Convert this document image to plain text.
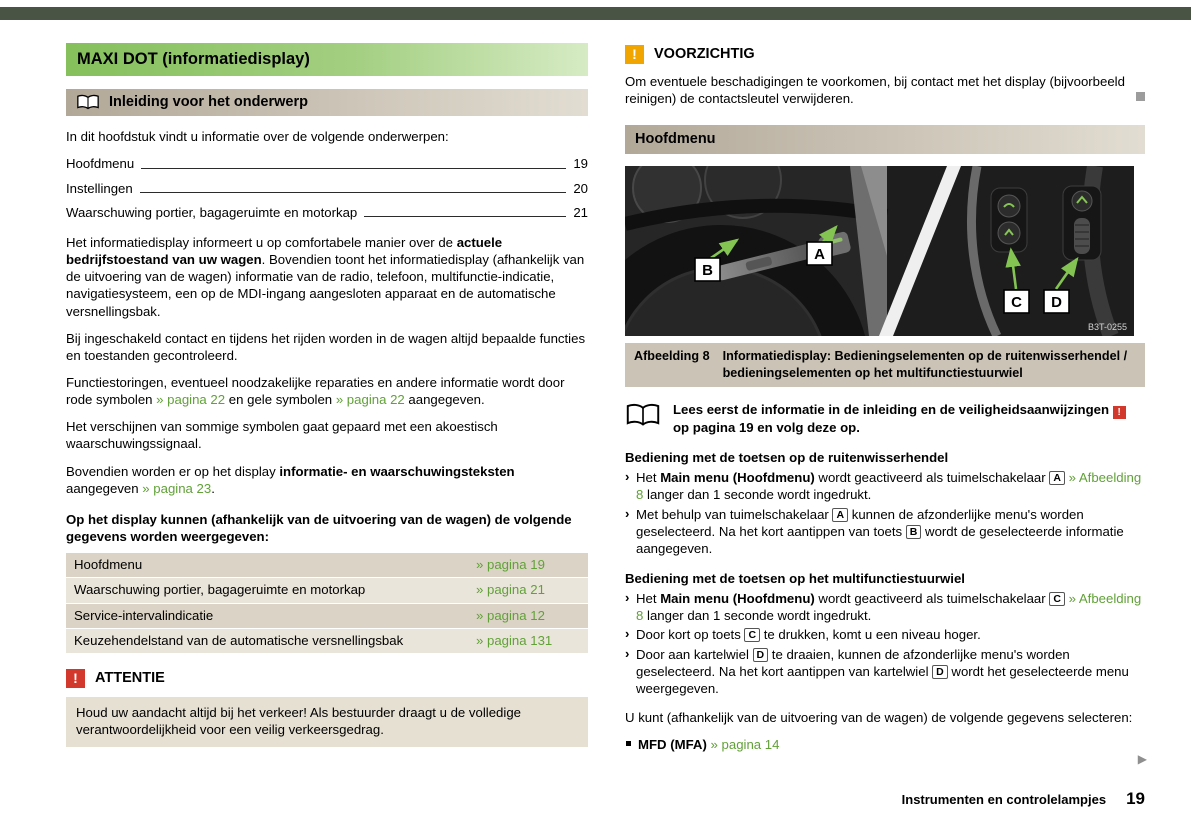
MAXI DOT (informatiedisplay)
Inleiding voor het onderwerp

In dit hoofdstuk vindt u informatie over de volgende onderwerpen:

Hoofdmenu	19
Instellingen	20
Waarschuwing portier, bagageruimte en motorkap	21

Het informatiedisplay informeert u op comfortabele manier over de actuele bedrijfstoestand van uw wagen. Bovendien toont het informatiedisplay (afhankelijk van de uitvoering van de wagen) informatie van de radio, telefoon, multifunctie-indicatie, navigatiesysteem, een op de MDI-ingang aangesloten apparaat en de automatische versnellingsbak.

Bij ingeschakeld contact en tijdens het rijden worden in de wagen altijd bepaalde functies en toestanden gecontroleerd.

Functiestoringen, eventueel noodzakelijke reparaties en andere informatie wordt door rode symbolen » pagina 22 en gele symbolen » pagina 22 aangegeven.

Het verschijnen van sommige symbolen gaat gepaard met een akoestisch waarschuwingssignaal.

Bovendien worden er op het display informatie- en waarschuwingsteksten aangegeven » pagina 23.

Op het display kunnen (afhankelijk van de uitvoering van de wagen) de volgende gegevens worden weergegeven:

Hoofdmenu	» pagina 19
Waarschuwing portier, bagageruimte en motorkap	» pagina 21
Service-intervalindicatie	» pagina 12
Keuzehendelstand van de automatische versnellingsbak	» pagina 131
!	ATTENTIE
Houd uw aandacht altijd bij het verkeer! Als bestuurder draagt u de volledige verantwoordelijkheid voor een veilig verkeersgedrag.
!	VOORZICHTIG

Om eventuele beschadigingen te voorkomen, bij contact met het display (bijvoorbeeld reinigen) de contactsleutel verwijderen.

Hoofdmenu
B
A
C D
B3T-0255
Afbeelding 8 Informatiedisplay: Bedieningselementen op de ruitenwisserhendel / bedieningselementen op het multifunctiestuurwiel
Lees eerst de informatie in de inleiding en de veiligheidsaanwijzingen ! op pagina 19 en volg deze op.
Bediening met de toetsen op de ruitenwisserhendel
› Het Main menu (Hoofdmenu) wordt geactiveerd als tuimelschakelaar A » Afbeelding 8 langer dan 1 seconde wordt ingedrukt.
› Met behulp van tuimelschakelaar A kunnen de afzonderlijke menu's worden geselecteerd. Na het kort aantippen van toets B wordt de geselecteerde informatie aangegeven.
Bediening met de toetsen op het multifunctiestuurwiel
› Het Main menu (Hoofdmenu) wordt geactiveerd als tuimelschakelaar C » Afbeelding 8 langer dan 1 seconde wordt ingedrukt.
› Door kort op toets C te drukken, komt u een niveau hoger.
› Door aan kartelwiel D te draaien, kunnen de afzonderlijke menu's worden geselecteerd. Na het kort aantippen van kartelwiel D wordt het geselecteerde menu weergegeven.

U kunt (afhankelijk van de uitvoering van de wagen) de volgende gegevens selecteren:

MFD (MFA) » pagina 14
▶
Instrumenten en controlelampjes 19
